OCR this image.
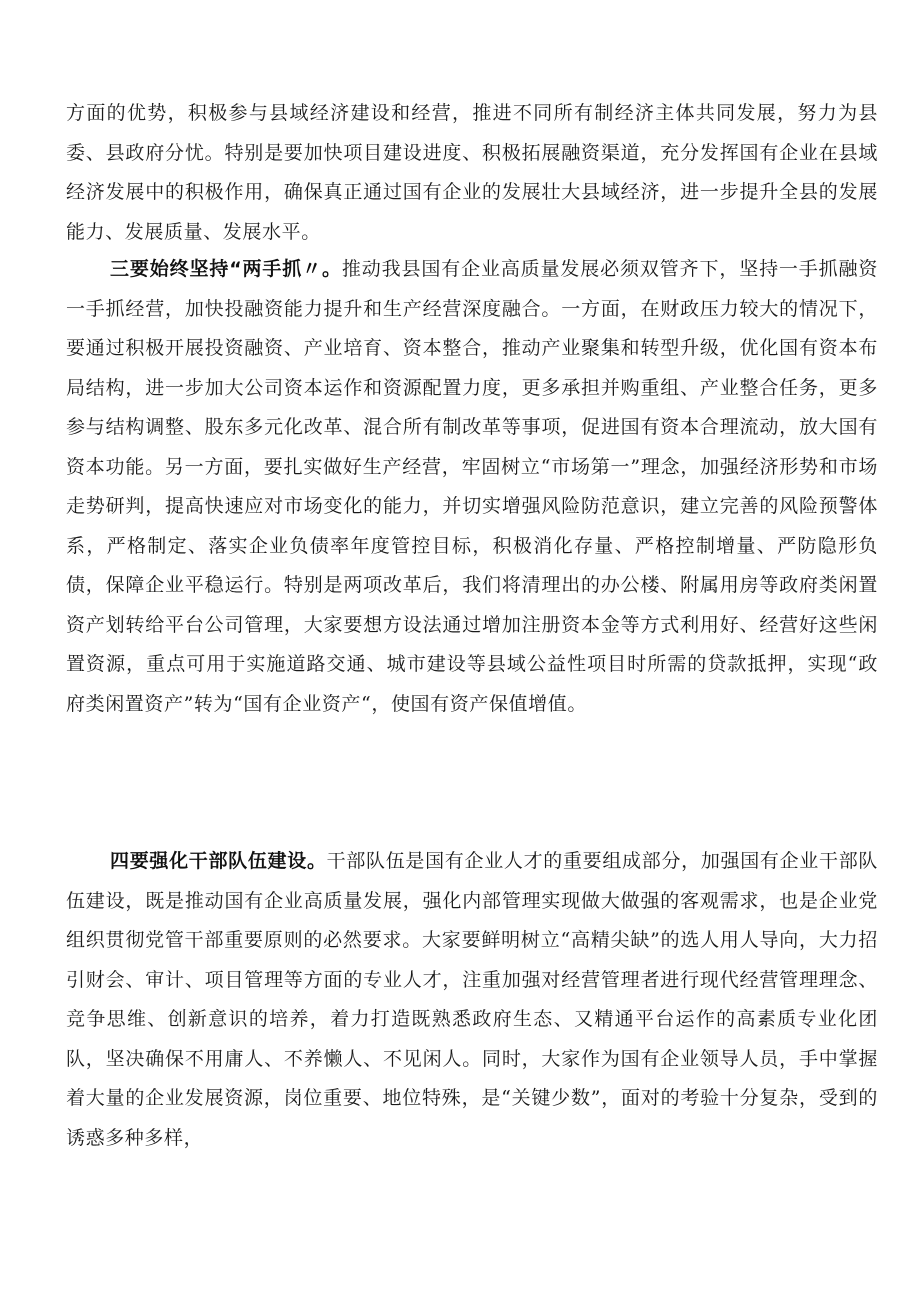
方面的优势，积极参与县域经济建设和经营，推进不同所有制经济主体共同发展，努力为县委、县政府分忧。特别是要加快项目建设进度、积极拓展融资渠道，充分发挥国有企业在县域经济发展中的积极作用，确保真正通过国有企业的发展壮大县域经济，进一步提升全县的发展能力、发展质量、发展水平。

三要始终坚持“两手抓〃。推动我县国有企业高质量发展必须双管齐下，坚持一手抓融资一手抓经营，加快投融资能力提升和生产经营深度融合。一方面，在财政压力较大的情况下，要通过积极开展投资融资、产业培育、资本整合，推动产业聚集和转型升级，优化国有资本布局结构，进一步加大公司资本运作和资源配置力度，更多承担并购重组、产业整合任务，更多参与结构调整、股东多元化改革、混合所有制改革等事项，促进国有资本合理流动，放大国有资本功能。另一方面，要扎实做好生产经营，牢固树立“市场第一”理念，加强经济形势和市场走势研判，提高快速应对市场变化的能力，并切实增强风险防范意识，建立完善的风险预警体系，严格制定、落实企业负债率年度管控目标，积极消化存量、严格控制增量、严防隐形负债，保障企业平稳运行。特别是两项改革后，我们将清理出的办公楼、附属用房等政府类闲置资产划转给平台公司管理，大家要想方设法通过增加注册资本金等方式利用好、经营好这些闲置资源，重点可用于实施道路交通、城市建设等县域公益性项目时所需的贷款抵押，实现“政府类闲置资产”转为“国有企业资产“，使国有资产保值增值。

四要强化干部队伍建设。干部队伍是国有企业人才的重要组成部分，加强国有企业干部队伍建设，既是推动国有企业高质量发展，强化内部管理实现做大做强的客观需求，也是企业党组织贯彻党管干部重要原则的必然要求。大家要鲜明树立“高精尖缺”的选人用人导向，大力招引财会、审计、项目管理等方面的专业人才，注重加强对经营管理者进行现代经营管理理念、竞争思维、创新意识的培养，着力打造既熟悉政府生态、又精通平台运作的高素质专业化团队，坚决确保不用庸人、不养懒人、不见闲人。同时，大家作为国有企业领导人员，手中掌握着大量的企业发展资源，岗位重要、地位特殊，是“关键少数”，面对的考验十分复杂，受到的诱惑多种多样，
